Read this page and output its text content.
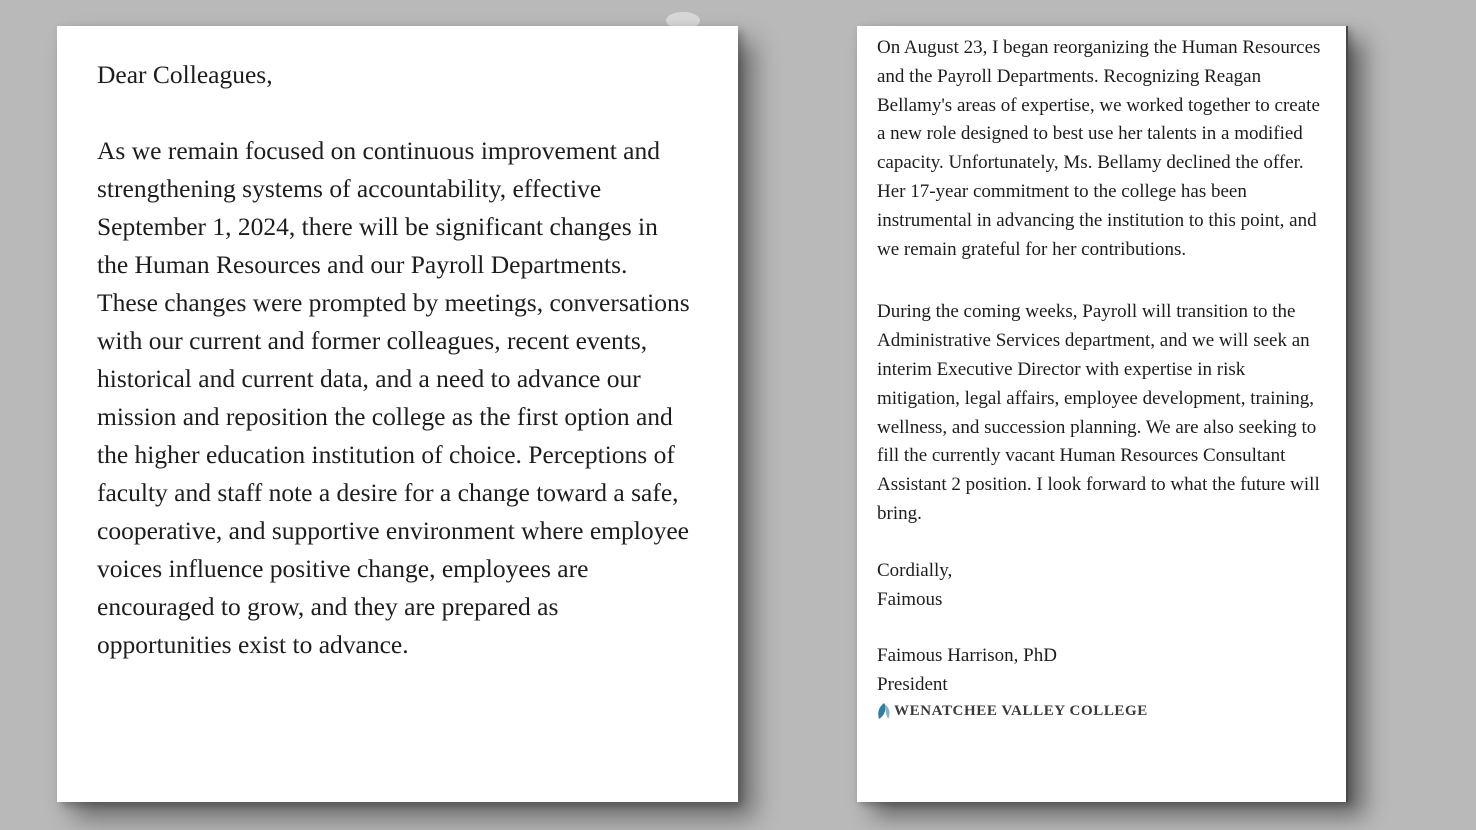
Dear Colleagues,

As we remain focused on continuous improvement and strengthening systems of accountability, effective September 1, 2024, there will be significant changes in the Human Resources and our Payroll Departments. These changes were prompted by meetings, conversations with our current and former colleagues, recent events, historical and current data, and a need to advance our mission and reposition the college as the first option and the higher education institution of choice. Perceptions of faculty and staff note a desire for a change toward a safe, cooperative, and supportive environment where employee voices influence positive change, employees are encouraged to grow, and they are prepared as opportunities exist to advance.

On August 23, I began reorganizing the Human Resources and the Payroll Departments. Recognizing Reagan Bellamy's areas of expertise, we worked together to create a new role designed to best use her talents in a modified capacity. Unfortunately, Ms. Bellamy declined the offer. Her 17-year commitment to the college has been instrumental in advancing the institution to this point, and we remain grateful for her contributions.

During the coming weeks, Payroll will transition to the Administrative Services department, and we will seek an interim Executive Director with expertise in risk mitigation, legal affairs, employee development, training, wellness, and succession planning. We are also seeking to fill the currently vacant Human Resources Consultant Assistant 2 position. I look forward to what the future will bring.

Cordially,
Faimous
Faimous Harrison, PhD
President
WENATCHEE VALLEY COLLEGE
